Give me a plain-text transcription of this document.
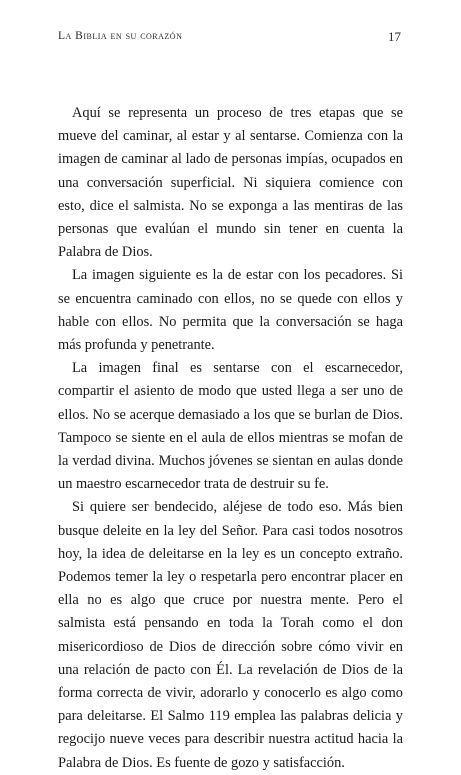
La Biblia en su corazón	17

Aquí se representa un proceso de tres etapas que se mueve del caminar, al estar y al sentarse. Comienza con la imagen de caminar al lado de personas impías, ocupados en una conversación superficial. Ni siquiera comience con esto, dice el salmista. No se exponga a las mentiras de las personas que evalúan el mundo sin tener en cuenta la Palabra de Dios.

La imagen siguiente es la de estar con los pecadores. Si se encuentra caminado con ellos, no se quede con ellos y hable con ellos. No permita que la conversación se haga más profunda y penetrante.

La imagen final es sentarse con el escarnecedor, compartir el asiento de modo que usted llega a ser uno de ellos. No se acerque demasiado a los que se burlan de Dios. Tampoco se siente en el aula de ellos mientras se mofan de la verdad divina. Muchos jóvenes se sientan en aulas donde un maestro escarnecedor trata de destruir su fe.

Si quiere ser bendecido, aléjese de todo eso. Más bien busque deleite en la ley del Señor. Para casi todos nosotros hoy, la idea de deleitarse en la ley es un concepto extraño. Podemos temer la ley o respetarla pero encontrar placer en ella no es algo que cruce por nuestra mente. Pero el salmista está pensando en toda la Torah como el don misericordioso de Dios de dirección sobre cómo vivir en una relación de pacto con Él. La revelación de Dios de la forma correcta de vivir, adorarlo y conocerlo es algo como para deleitarse. El Salmo 119 emplea las palabras delicia y regocijo nueve veces para describir nuestra actitud hacia la Palabra de Dios. Es fuente de gozo y satisfacción.
